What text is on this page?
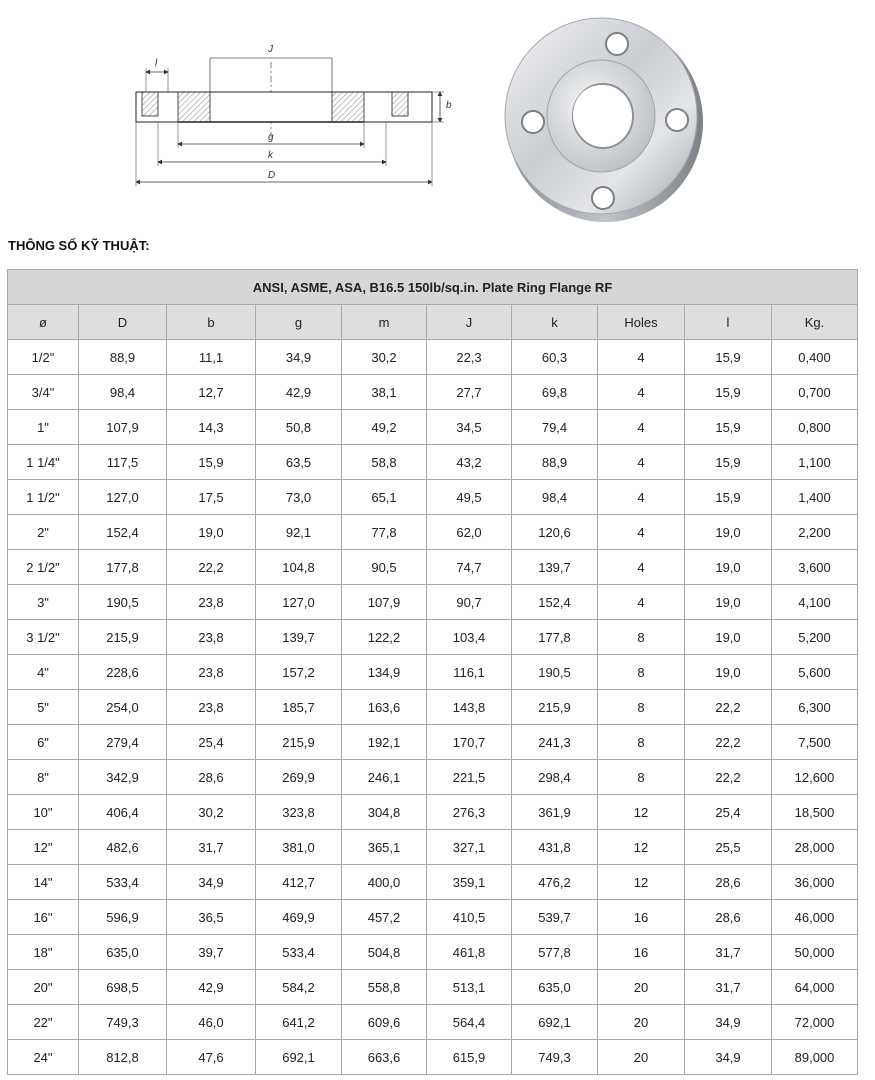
J
l
b
g
k
D
THÔNG SỐ KỸ THUẬT:
ANSI, ASME, ASA, B16.5 150lb/sq.in. Plate Ring Flange RF									
ø	D	b	g	m	J	k	Holes	l	Kg.
1/2"	88,9	11,1	34,9	30,2	22,3	60,3	4	15,9	0,400
3/4"	98,4	12,7	42,9	38,1	27,7	69,8	4	15,9	0,700
1"	107,9	14,3	50,8	49,2	34,5	79,4	4	15,9	0,800
1 1/4"	117,5	15,9	63,5	58,8	43,2	88,9	4	15,9	1,100
1 1/2"	127,0	17,5	73,0	65,1	49,5	98,4	4	15,9	1,400
2"	152,4	19,0	92,1	77,8	62,0	120,6	4	19,0	2,200
2 1/2"	177,8	22,2	104,8	90,5	74,7	139,7	4	19,0	3,600
3"	190,5	23,8	127,0	107,9	90,7	152,4	4	19,0	4,100
3 1/2"	215,9	23,8	139,7	122,2	103,4	177,8	8	19,0	5,200
4"	228,6	23,8	157,2	134,9	116,1	190,5	8	19,0	5,600
5"	254,0	23,8	185,7	163,6	143,8	215,9	8	22,2	6,300
6"	279,4	25,4	215,9	192,1	170,7	241,3	8	22,2	7,500
8"	342,9	28,6	269,9	246,1	221,5	298,4	8	22,2	12,600
10"	406,4	30,2	323,8	304,8	276,3	361,9	12	25,4	18,500
12"	482,6	31,7	381,0	365,1	327,1	431,8	12	25,5	28,000
14"	533,4	34,9	412,7	400,0	359,1	476,2	12	28,6	36,000
16"	596,9	36,5	469,9	457,2	410,5	539,7	16	28,6	46,000
18"	635,0	39,7	533,4	504,8	461,8	577,8	16	31,7	50,000
20"	698,5	42,9	584,2	558,8	513,1	635,0	20	31,7	64,000
22"	749,3	46,0	641,2	609,6	564,4	692,1	20	34,9	72,000
24"	812,8	47,6	692,1	663,6	615,9	749,3	20	34,9	89,000
